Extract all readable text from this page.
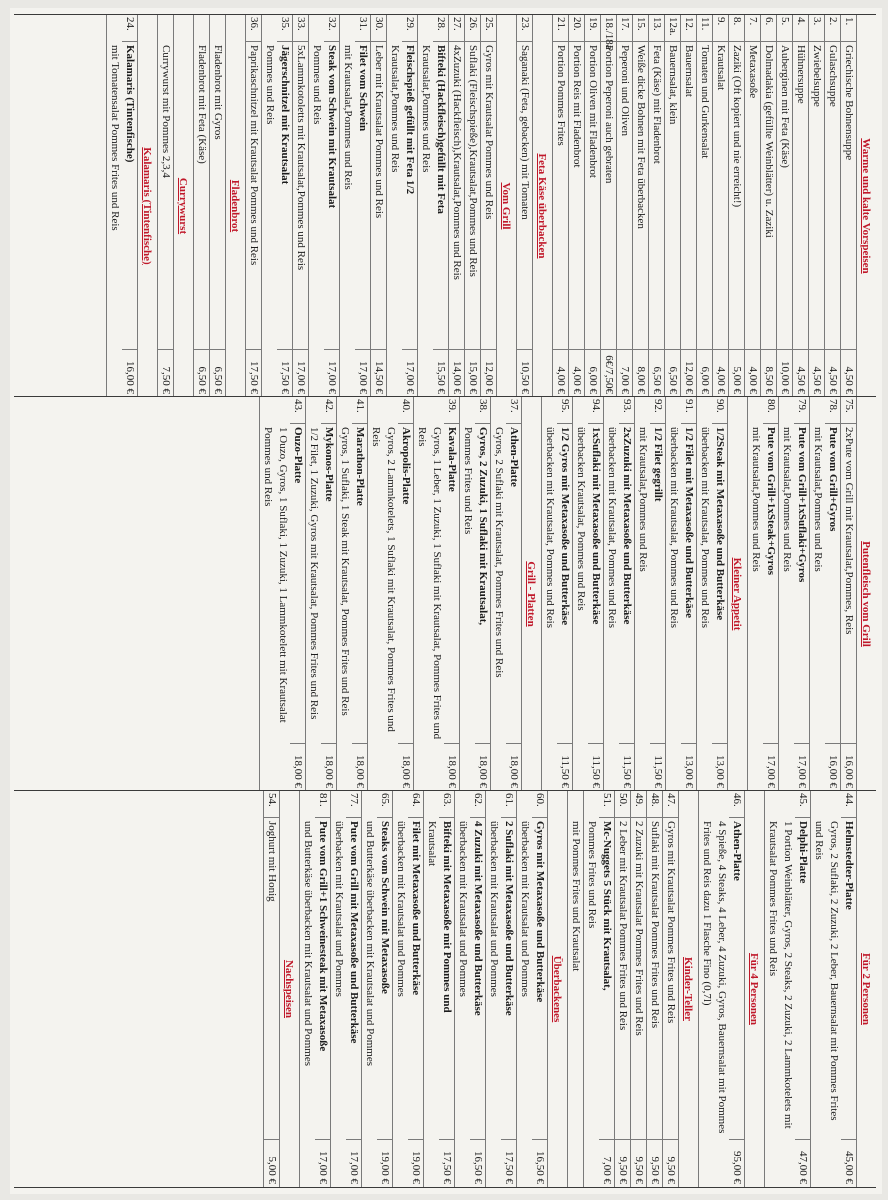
Warme und kalte Vorspeisen
1.
Griechische Bohnensuppe
4,50 €
2.
Gulaschsuppe
4,50 €
3.
Zwiebelsuppe
4,50 €
4.
Hühnersuppe
4,50 €
5.
Auberginen mit Feta (Käse)
10,00 €
6.
Dolmadakia (gefüllte Weinblätter) u. Zaziki
8,50 €
7.
Metaxasoße
4,00 €
8.
Zaziki (Oft kopiert und nie erreicht!)
5,00 €
9.
Krautsalat
4,00 €
11.
Tomaten und Gurkensalat
6,00 €
12.
Bauernsalat
12,00 €
12a.
Bauernsalat, klein
6,50 €
13.
Feta (Käse) mit Fladenbrot
6,50 €
15.
Weiße dicke Bohnen mit Feta überbacken
8,00 €
17.
Peperoni und Oliven
7,00 €
18./18a
Portion Peperoni auch gebraten
6€/7,50€
19.
Portion Oliven mit Fladenbrot
6,00 €
20.
Portion Reis mit Fladenbrot
4,00 €
21.
Portion Pommes Frites
4,00 €
Feta Käse überbacken
23.
Saganaki (Feta, gebacken) mit Tomaten
10,50 €
Vom Grill
25.
Gyros mit Krautsalat Pommes und Reis
12,00 €
26.
Suflaki (Fleischspieße),Krautsalat,Pommes und Reis
15,00 €
27.
4xZuzuki (Hackfleisch),Krautsalat,Pommes und Reis
14,00 €
28.
Bifteki (Hackfleisch)gefüllt mit Feta
Krautsalat,Pommes und Reis
15,50 €
29.
Fleischspieß gefüllt mit Feta 1/2
Krautsalat,Pommes und Reis
17,00 €
30.
Leber mit Krautsalat Pommes und Reis
14,50 €
31.
Filet vom Schwein
mit Krautsalat,Pommes und Reis
17,00 €
32.
Steak vom Schwein mit Krautsalat
Pommes und Reis
17,00 €
33.
5xLammkotoletts mit Krautsalat,Pommes und Reis
17,00 €
35.
Jägerschnitzel mit Krautsalat
Pommes und Reis
17,50 €
36.
Paprikaschnitzel mit Krautsalat Pommes und Reis
17,50 €
Fladenbrot
Fladenbrot mit Gyros
6,50 €
Fladenbrot mit Feta (Käse)
6,50 €
Currywurst
Currywurst mit Pommes 2,3,4
7,50 €
Kalamaris (Tintenfische)
24.
Kalamaris (Tintenfische)
mit Tomatensalat Pommes Frites und Reis
16,00 €
Putenfleisch vom Grill
75.
2xPute vom Grill mit Krautsalat,Pommes, Reis
16,00 €
78.
Pute vom Grill+Gyros
mit Krautsalat,Pommes und Reis
16,00 €
79.
Pute vom Grill+1xSuflaki+Gyros
mit Krautsalat,Pommes und Reis
17,00 €
80.
Pute vom Grill+1xSteak+Gyros
mit Krautsalat,Pommes und Reis
17,00 €
Kleiner Appetit
90.
1/2Steak mit Metaxasoße und Butterkäse
überbacken mit Krautsalat, Pommes und Reis
13,00 €
91.
1/2 Filet mit Metaxasoße und Butterkäse
überbacken mit Krautsalat, Pommes und Reis
13,00 €
92.
1/2 Filet gegrillt
mit Krautsalat,Pommes und Reis
11,50 €
93.
2xZuzuki mit Metaxasoße und Butterkäse
überbacken mit Krautsalat, Pommes und Reis
11,50 €
94.
1xSuflaki mit Metaxasoße und Butterkäse
überbacken Krautsalat, Pommes und Reis
11,50 €
95.
1/2 Gyros mit Metaxasoße und Butterkäse
überbacken mit Krautsalat, Pommes und Reis
11,50 €
Grill - Platten
37.
Athen-Platte
Gyros, 2 Suflaki mit Krautsalat, Pommes Frites und Reis
18,00 €
38.
Gyros, 2 Zuzuki, 1 Suflaki mit Krautsalat,
Pommes Frites und Reis
18,00 €
39.
Kavala-Platte
Gyros, 1 Leber, 1 Zuzuki, 1 Suflaki mit Krautsalat, Pommes Frites und Reis
18,00 €
40.
Akropolis-Platte
Gyros, 2 Lammkotelets, 1 Suflaki mit Krautsalat, Pommes Frites und Reis
18,00 €
41.
Marathon-Platte
Gyros, 1 Suflaki, 1 Steak mit Krautsalat, Pommes Frites und Reis
18,00 €
42.
Mykonos-Platte
1/2 Filet, 1 Zuzuki, Gyros mit Krautsalat, Pommes Frites und Reis
18,00 €
43.
Ouzo-Platte
1 Ouzo, Gyros, 1 Suflaki, 1 Zuzuki, 1 Lammkotelett mit Krautsalat Pommes und Reis
18,00 €
Für 2 Personen
44.
Helmstedter-Platte
Gyros, 2 Suflaki, 2 Zuzuki, 2 Leber, Bauernsalat mit Pommes Frites und Reis
45,00 €
45.
Delphi-Platte
1 Portion Weinblätter, Gyros, 2 Steaks, 2 Zuzuki, 2 Lammkotelets mit Krautsalat Pommes Frites und Reis
47,00 €
Für 4 Personen
46.
Athen-Platte
4 Spieße, 4 Steaks, 4 Leber, 4 Zuzuki, Gyros, Bauernsalat mit Pommes Frites und Reis dazu 1 Flasche Fino (0,7l)
95,00 €
Kinder-Teller
47.
Gyros mit Krautsalat Pommes Frites und Reis
9,50 €
48.
Suflaki mit Krautsalat Pommes Frites und Reis
9,50 €
49.
2 Zuzuki mit Krautsalat Pommes Frites und Reis
9,50 €
50.
2 Leber mit Krautsalat Pommes Frites und Reis
9,50 €
51.
Mc-Nuggets 5 Stück mit Krautsalat,
Pommes Frites und Reis
7,00 €
mit Pommes Frites und Krautsalat
Überbackenes
60.
Gyros mit Metaxasoße und Butterkäse
überbacken mit Krautsalat und Pommes
16,50 €
61.
2 Suflaki mit Metaxasoße und Butterkäse
überbacken mit Krautsalat und Pommes
17,50 €
62.
4 Zuzuki mit Metaxasoße und Butterkäse
überbacken mit Krautsalat und Pommes
16,50 €
63.
Bifteki mit Metaxasoße mit Pommes und
Krautsalat
17,50 €
64.
Filet mit Metaxasoße und Butterkäse
überbacken mit Krautsalat und Pommes
19,00 €
65.
Steaks vom Schwein mit Metaxasoße
und Butterkäse überbacken mit Krautsalat und Pommes
19,00 €
77.
Pute vom Grill mit Metaxasoße und Butterkäse
überbacken mit Krautsalat und Pommes
17,00 €
81.
Pute vom Grill+1 Schweinesteak mit Metaxasoße
und Butterkäse überbacken mit Krautsalat und Pommes
17,00 €
Nachspeisen
54.
Joghurt mit Honig
5,00 €
